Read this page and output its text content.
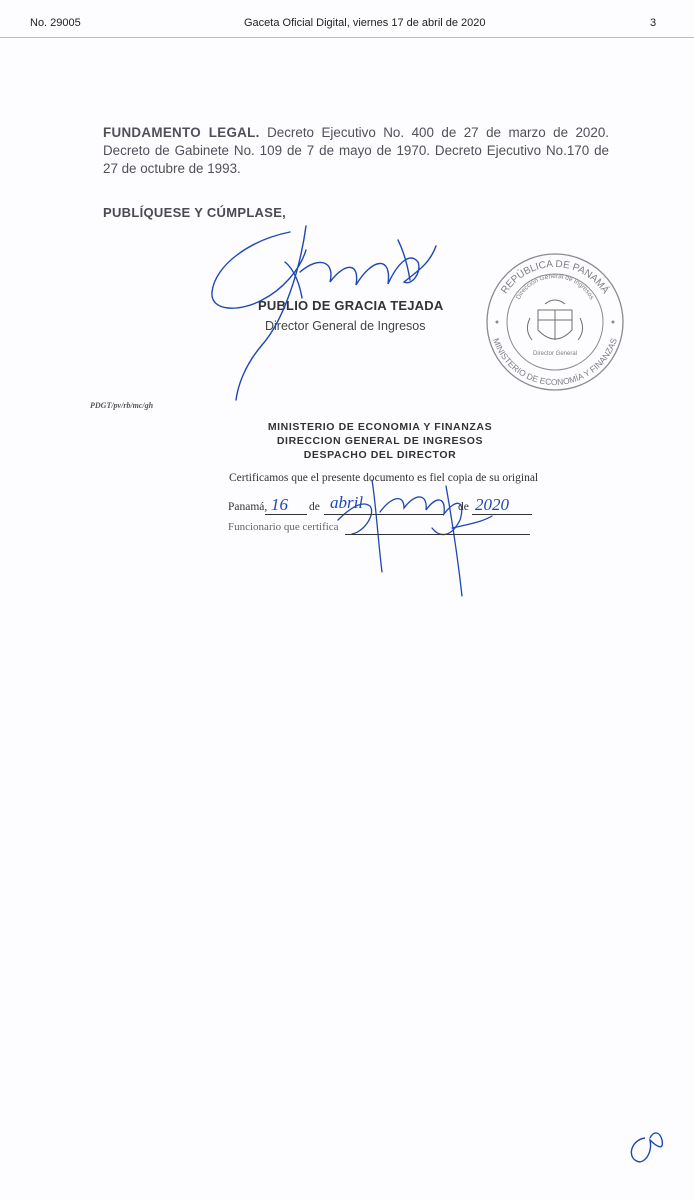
No. 29005	Gaceta Oficial Digital, viernes 17 de abril de 2020	3
FUNDAMENTO LEGAL. Decreto Ejecutivo No. 400 de 27 de marzo de 2020. Decreto de Gabinete No. 109 de 7 de mayo de 1970. Decreto Ejecutivo No.170 de 27 de octubre de 1993.
PUBLÍQUESE Y CÚMPLASE,
PUBLIO DE GRACIA TEJADA
Director General de Ingresos
REPÚBLICA DE PANAMÁ
MINISTERIO DE ECONOMÍA Y FINANZAS
Dirección General de Ingresos
Director General
PDGT/pv/rb/mc/gh
MINISTERIO DE ECONOMIA Y FINANZAS
DIRECCION GENERAL DE INGRESOS
DESPACHO DEL DIRECTOR
Certificamos que el presente documento es fiel copia de su original
Panamá, 16 de abril	de 2020
Funcionario que certifica
